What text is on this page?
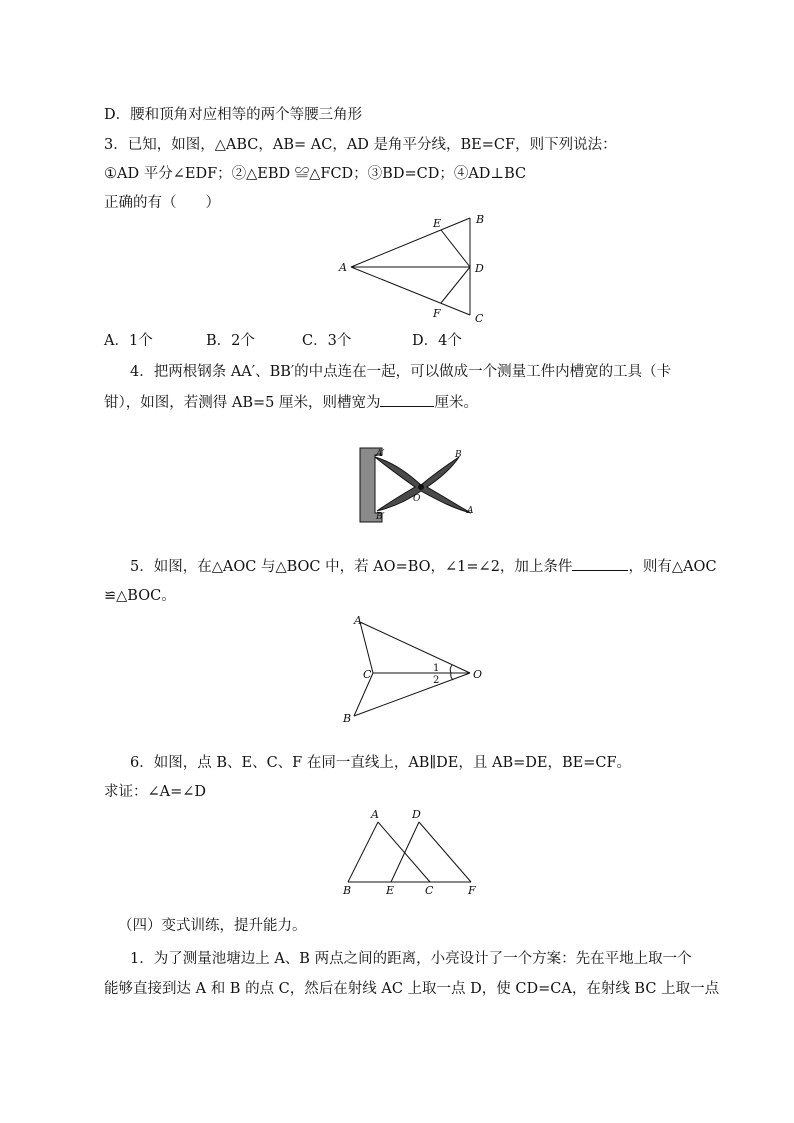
D．腰和顶角对应相等的两个等腰三角形
3．已知，如图，△ABC，AB= AC，AD 是角平分线，BE=CF，则下列说法：
①AD 平分∠EDF；②△EBD ≌△FCD；③BD=CD；④AD⊥BC
正确的有（　　）
A
B
C
D
E
F
A．1个	B．2个	C．3个	D．4个
4．把两根钢条 AA′、BB′的中点连在一起，可以做成一个测量工件内槽宽的工具（卡
钳），如图，若测得 AB=5 厘米，则槽宽为	厘米。
A′
B′
O
B
A
5．如图，在△AOC 与△BOC 中，若 AO=BO，∠1=∠2，加上条件	，则有△AOC
≌△BOC。
A
B
C	O
1
2
6．如图，点 B、E、C、F 在同一直线上，AB∥DE，且 AB=DE，BE=CF。
求证：∠A=∠D
A	D
B	E	C	F
（四）变式训练，提升能力。
1．为了测量池塘边上 A、B 两点之间的距离，小亮设计了一个方案：先在平地上取一个
能够直接到达 A 和 B 的点 C，然后在射线 AC 上取一点 D，使 CD=CA，在射线 BC 上取一点
